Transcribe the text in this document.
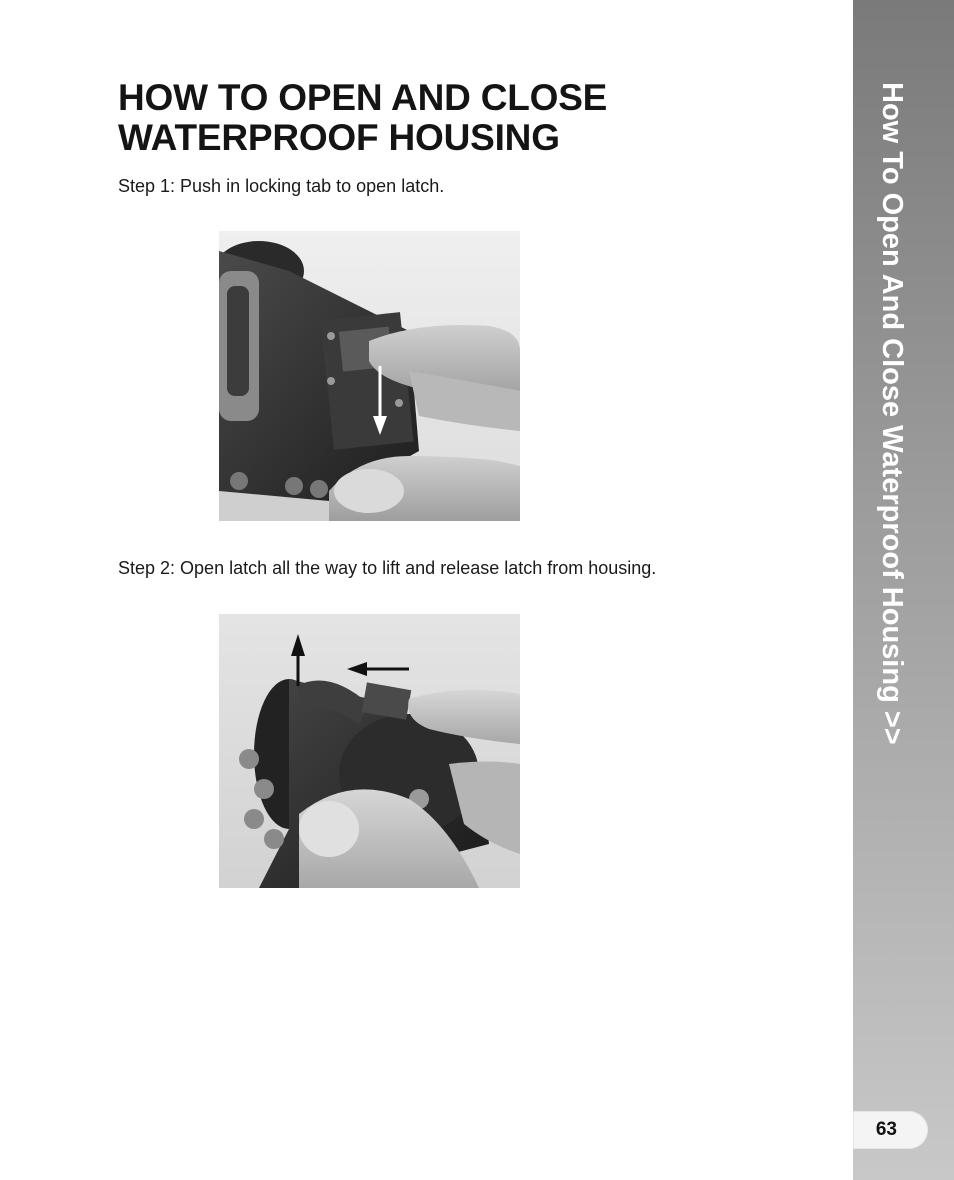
HOW TO OPEN AND CLOSE
WATERPROOF HOUSING
Step 1: Push in locking tab to open latch.
Step 2: Open latch all the way to lift and release latch from housing.	How To Open And Close Waterproof Housing >>
63
